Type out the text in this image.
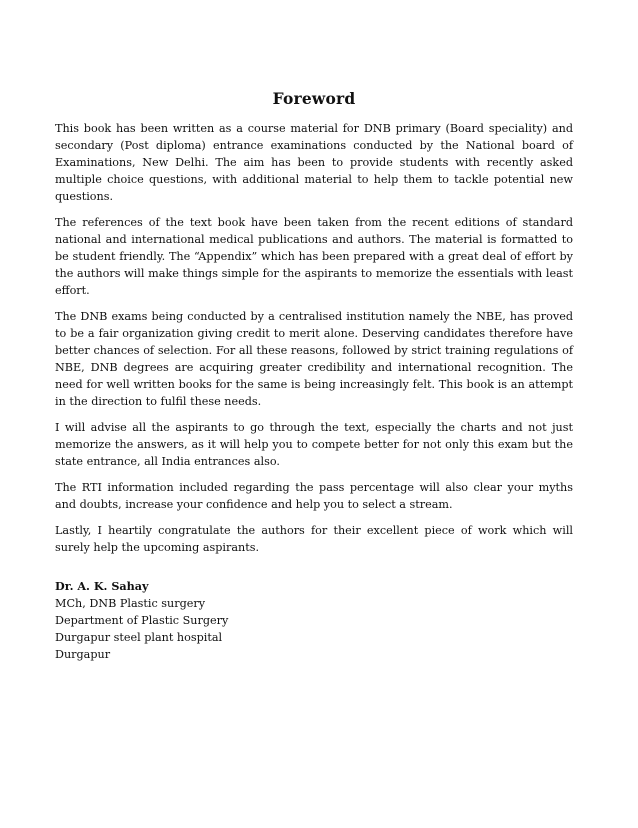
Foreword

This book has been written as a course material for DNB primary (Board speciality) and secondary (Post diploma) entrance examinations conducted by the National board of Examinations, New Delhi. The aim has been to provide students with recently asked multiple choice questions, with additional material to help them to tackle potential new questions.

The references of the text book have been taken from the recent editions of standard national and international medical publications and authors. The material is formatted to be student friendly. The “Appendix” which has been prepared with a great deal of effort by the authors will make things simple for the aspirants to memorize the essentials with least effort.

The DNB exams being conducted by a centralised institution namely the NBE, has proved to be a fair organization giving credit to merit alone. Deserving candidates therefore have better chances of selection. For all these reasons, followed by strict training regulations of NBE, DNB degrees are acquiring greater credibility and international recognition. The need for well written books for the same is being increasingly felt. This book is an attempt in the direction to fulfil these needs.

I will advise all the aspirants to go through the text, especially the charts and not just memorize the answers, as it will help you to compete better for not only this exam but the state entrance, all India entrances also.

The RTI information included regarding the pass percentage will also clear your myths and doubts, increase your confidence and help you to select a stream.

Lastly, I heartily congratulate the authors for their excellent piece of work which will surely help the upcoming aspirants.

Dr. A. K. Sahay
MCh, DNB Plastic surgery
Department of Plastic Surgery
Durgapur steel plant hospital
Durgapur
